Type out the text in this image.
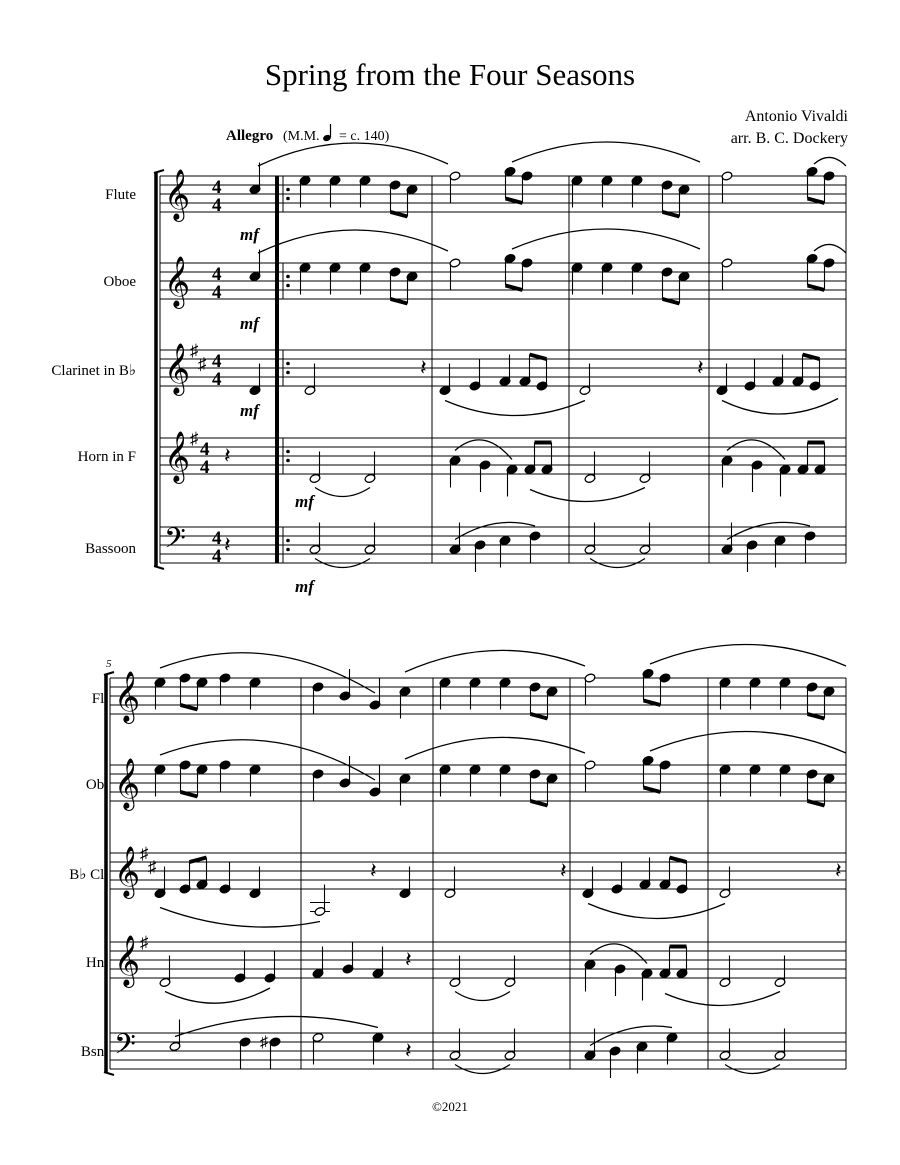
Spring from the Four Seasons
Antonio Vivaldi
arr. B. C. Dockery
Allegro (M.M. = c. 140)
Flute
Oboe
Clarinet in B♭
Horn in F
Bassoon
Fl.
Ob.
B♭ Cl.
Hn.
Bsn.
𝄞
𝄞
𝄞 ♯
♯
𝄞 ♯
𝄢
4
4
4
4
4
4
4
4
4
4
𝄞
𝄞
𝄞 ♯
♯
𝄞 ♯
𝄢
𝄽	𝄽
𝄽
𝄽
𝄽	𝄽	𝄽
𝄽
♯	𝄽
5
mf
mf
mf
mf
mf
©2021
